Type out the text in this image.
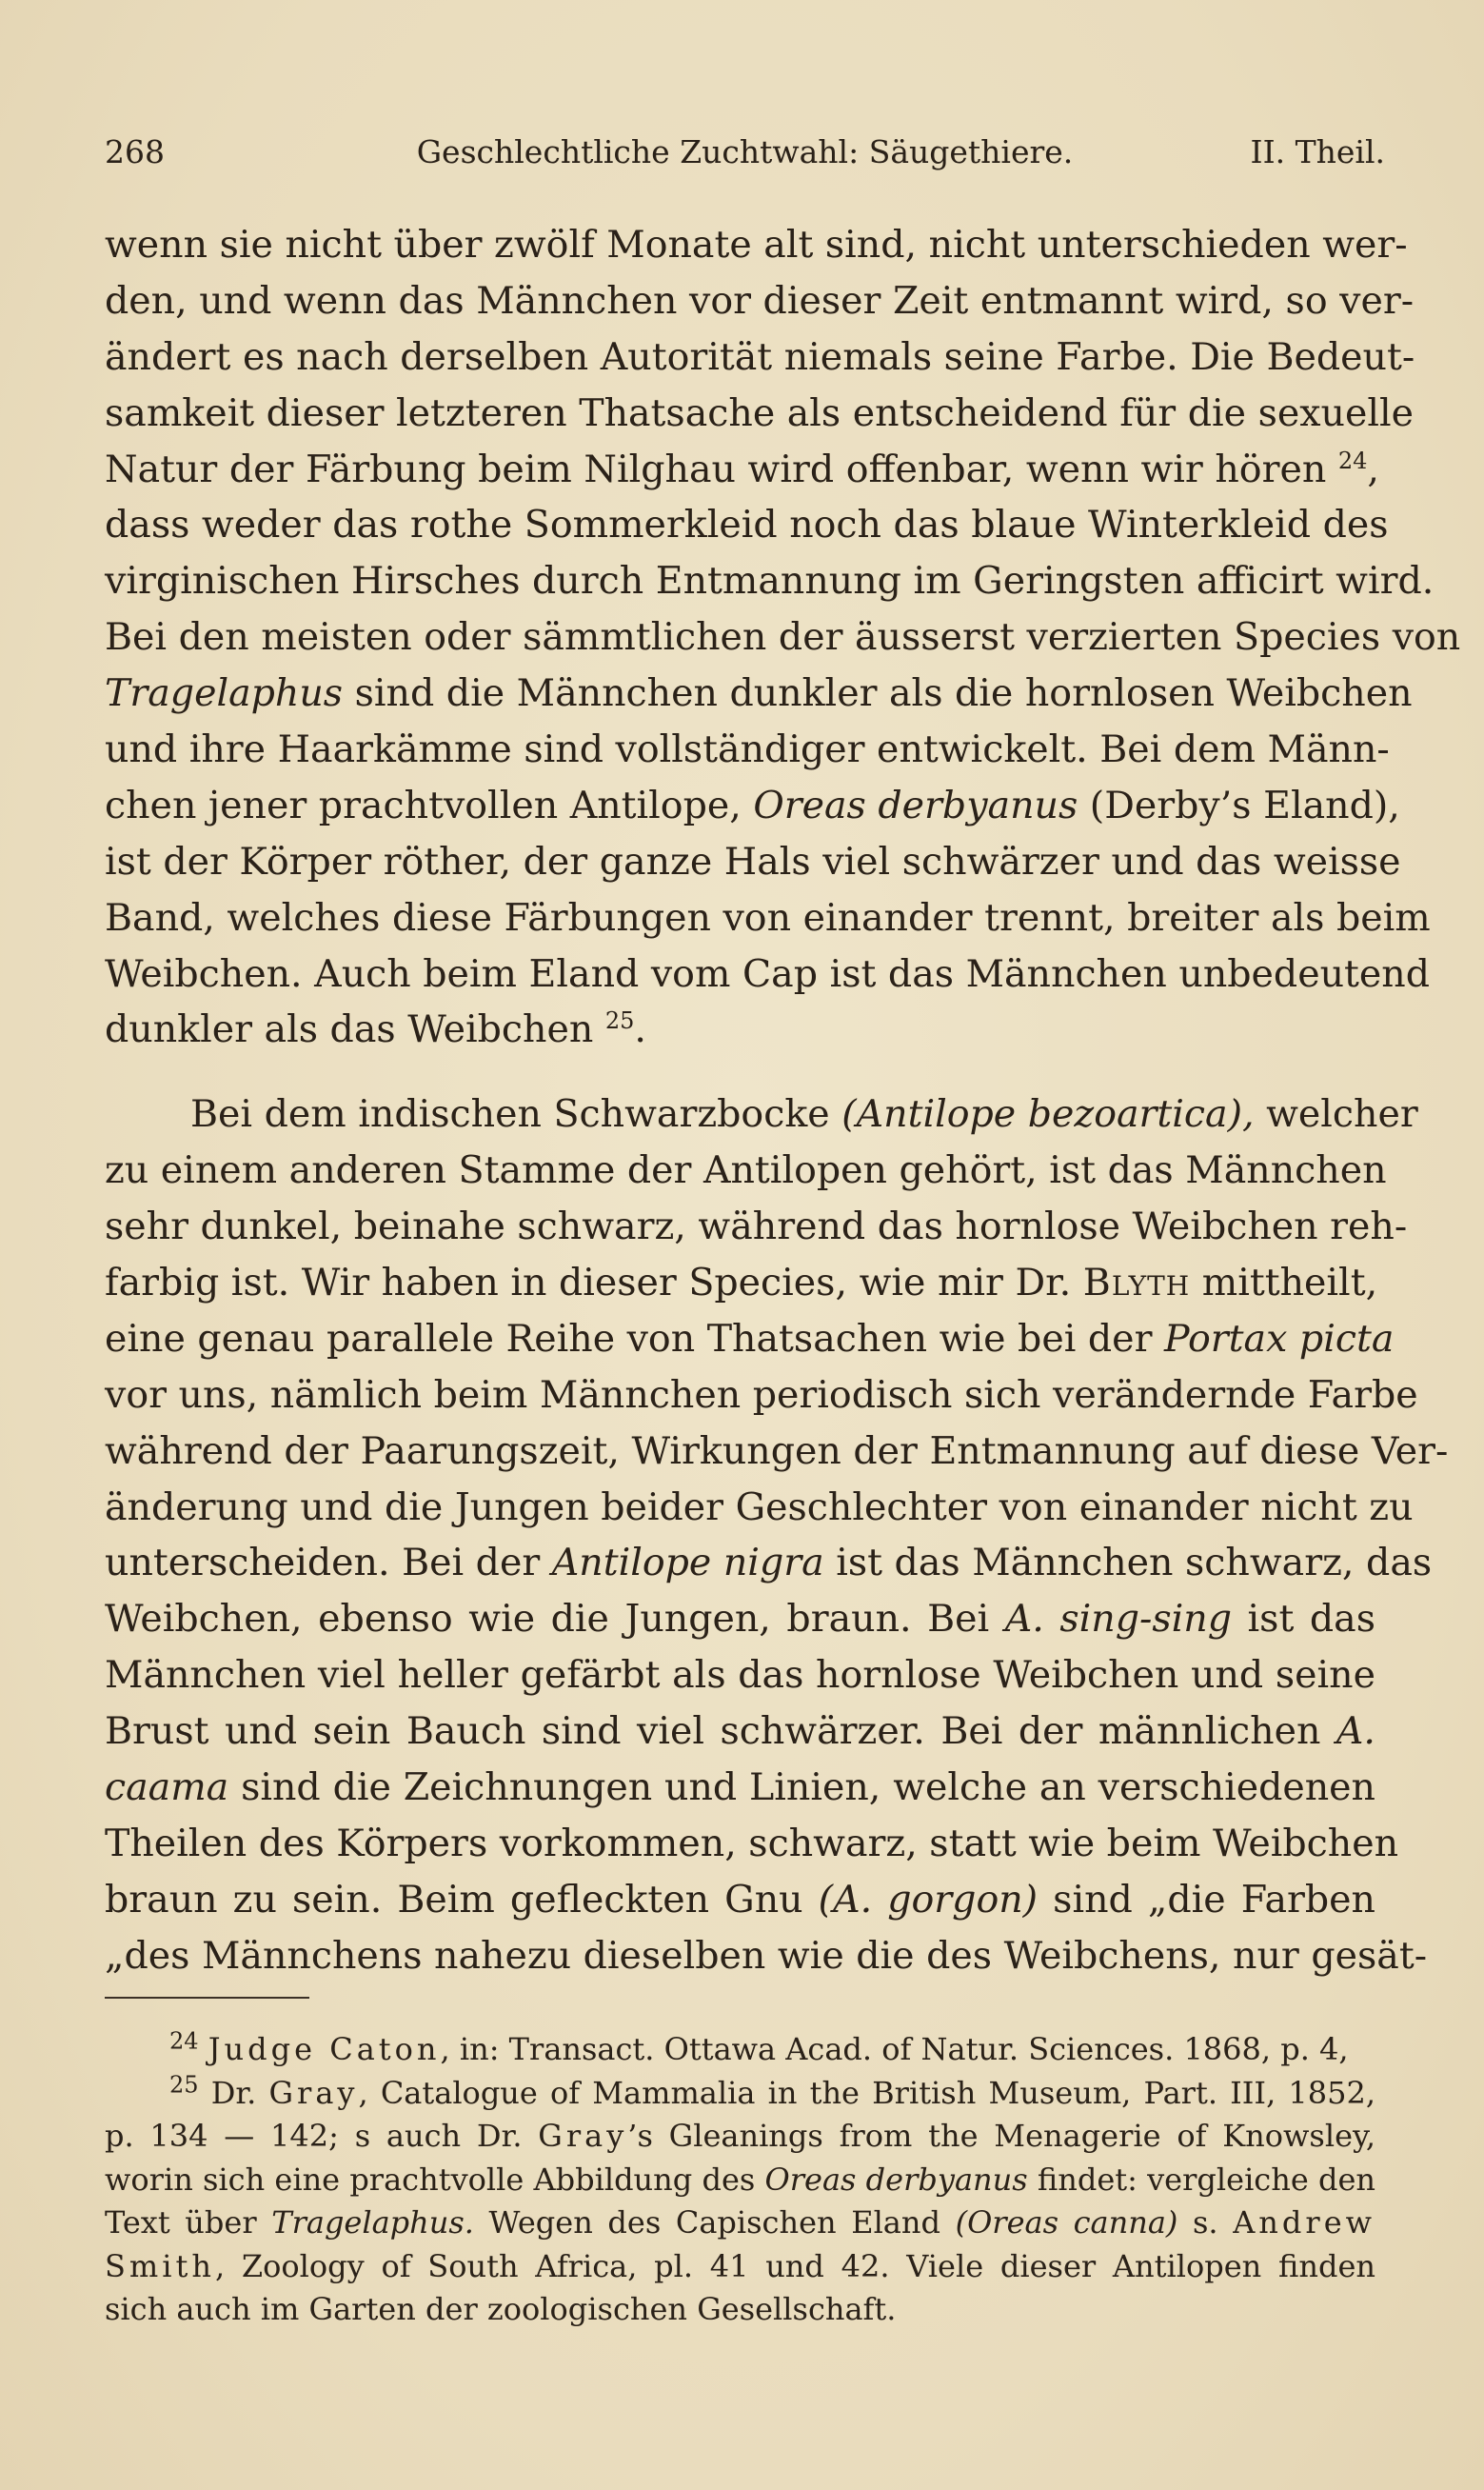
268	Geschlechtliche Zuchtwahl: Säugethiere.	II. Theil.
wenn sie nicht über zwölf Monate alt sind, nicht unterschieden wer-
den, und wenn das Männchen vor dieser Zeit entmannt wird, so ver-
ändert es nach derselben Autorität niemals seine Farbe. Die Bedeut-
samkeit dieser letzteren Thatsache als entscheidend für die sexuelle
Natur der Färbung beim Nilghau wird offenbar, wenn wir hören $^{24}$,
dass weder das rothe Sommerkleid noch das blaue Winterkleid des
virginischen Hirsches durch Entmannung im Geringsten afficirt wird.
Bei den meisten oder sämmtlichen der äusserst verzierten Species von
Tragelaphus sind die Männchen dunkler als die hornlosen Weibchen
und ihre Haarkämme sind vollständiger entwickelt. Bei dem Männ-
chen jener prachtvollen Antilope, Oreas derbyanus (Derby’s Eland),
ist der Körper röther, der ganze Hals viel schwärzer und das weisse
Band, welches diese Färbungen von einander trennt, breiter als beim
Weibchen. Auch beim Eland vom Cap ist das Männchen unbedeutend
dunkler als das Weibchen $^{25}$.
Bei dem indischen Schwarzbocke (Antilope bezoartica), welcher
zu einem anderen Stamme der Antilopen gehört, ist das Männchen
sehr dunkel, beinahe schwarz, während das hornlose Weibchen reh-
farbig ist. Wir haben in dieser Species, wie mir Dr. Blyth mittheilt,
eine genau parallele Reihe von Thatsachen wie bei der Portax picta
vor uns, nämlich beim Männchen periodisch sich verändernde Farbe
während der Paarungszeit, Wirkungen der Entmannung auf diese Ver-
änderung und die Jungen beider Geschlechter von einander nicht zu
unterscheiden. Bei der Antilope nigra ist das Männchen schwarz, das
Weibchen, ebenso wie die Jungen, braun. Bei A. sing-sing ist das
Männchen viel heller gefärbt als das hornlose Weibchen und seine
Brust und sein Bauch sind viel schwärzer. Bei der männlichen A.
caama sind die Zeichnungen und Linien, welche an verschiedenen
Theilen des Körpers vorkommen, schwarz, statt wie beim Weibchen
braun zu sein. Beim gefleckten Gnu (A. gorgon) sind „die Farben
„des Männchens nahezu dieselben wie die des Weibchens, nur gesät-
$^{24}$ Judge Caton, in: Transact. Ottawa Acad. of Natur. Sciences. 1868, p. 4,
$^{25}$ Dr. Gray, Catalogue of Mammalia in the British Museum, Part. III, 1852,
p. 134 — 142; s auch Dr. Gray’s Gleanings from the Menagerie of Knowsley,
worin sich eine prachtvolle Abbildung des Oreas derbyanus findet: vergleiche den
Text über Tragelaphus. Wegen des Capischen Eland (Oreas canna) s. Andrew
Smith, Zoology of South Africa, pl. 41 und 42. Viele dieser Antilopen finden
sich auch im Garten der zoologischen Gesellschaft.
